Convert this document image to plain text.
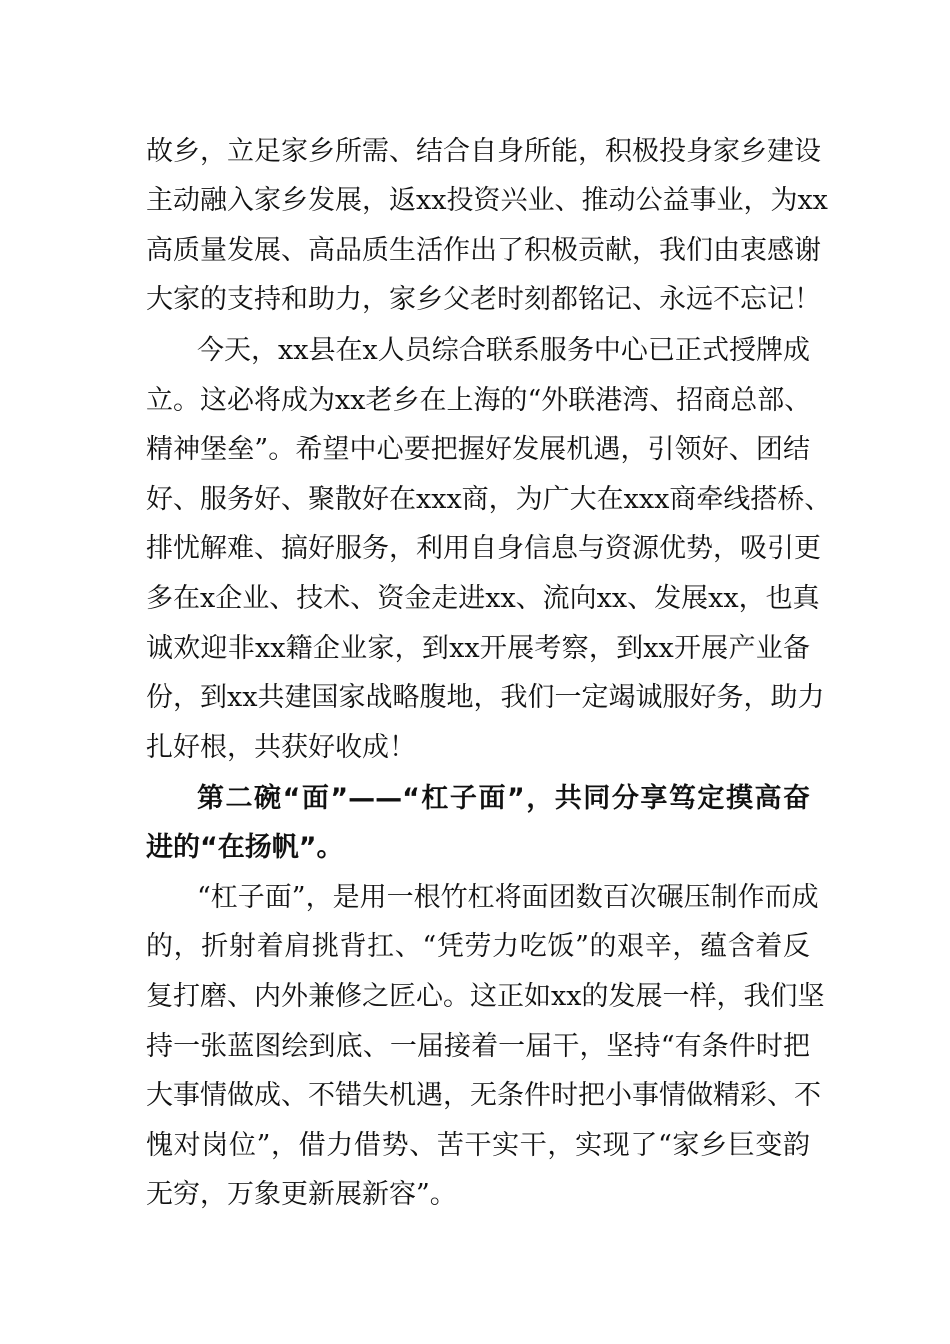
故乡，立足家乡所需、结合自身所能，积极投身家乡建设
主动融入家乡发展，返xx投资兴业、推动公益事业，为xx
高质量发展、高品质生活作出了积极贡献，我们由衷感谢
大家的支持和助力，家乡父老时刻都铭记、永远不忘记！
今天，xx县在x人员综合联系服务中心已正式授牌成
立。这必将成为xx老乡在上海的“外联港湾、招商总部、
精神堡垒”。希望中心要把握好发展机遇，引领好、团结
好、服务好、聚散好在xxx商，为广大在xxx商牵线搭桥、
排忧解难、搞好服务，利用自身信息与资源优势，吸引更
多在x企业、技术、资金走进xx、流向xx、发展xx，也真
诚欢迎非xx籍企业家，到xx开展考察，到xx开展产业备
份，到xx共建国家战略腹地，我们一定竭诚服好务，助力
扎好根，共获好收成！
第二碗“面”——“杠子面”，共同分享笃定摸高奋
进的“在扬帆”。
“杠子面”，是用一根竹杠将面团数百次碾压制作而成
的，折射着肩挑背扛、“凭劳力吃饭”的艰辛，蕴含着反
复打磨、内外兼修之匠心。这正如xx的发展一样，我们坚
持一张蓝图绘到底、一届接着一届干，坚持“有条件时把
大事情做成、不错失机遇，无条件时把小事情做精彩、不
愧对岗位”，借力借势、苦干实干，实现了“家乡巨变韵
无穷，万象更新展新容”。
